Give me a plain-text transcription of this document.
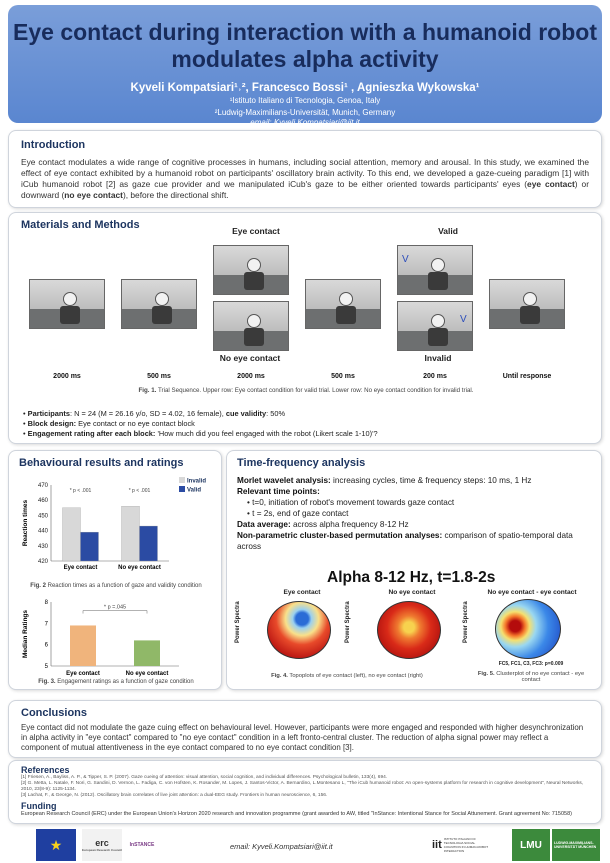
Eye contact during interaction with a humanoid robot
modulates alpha activity
Kyveli Kompatsiari¹˒², Francesco Bossi¹ , Agnieszka Wykowska¹
¹Istituto Italiano di Tecnologia, Genoa, Italy
²Ludwig-Maximilians-Universität, Munich, Germany
email: Kyveli.Kompatsiari@iit.it
Introduction
Eye contact modulates a wide range of cognitive processes in humans, including social attention, memory and arousal. In this study, we examined the effect of eye contact exhibited by a humanoid robot on participants' oscillatory brain activity. To this end, we developed a gaze-cueing paradigm [1] with iCub humanoid robot [2] as gaze cue provider and we manipulated iCub's gaze to be either oriented towards participants' eyes (eye contact) or downward (no eye contact), before the directional shift.
Materials and Methods	Eye contact	Valid
V
V
No eye contact	Invalid
2000 ms	500 ms	2000 ms	500 ms	200 ms	Until response
Fig. 1. Trial Sequence. Upper row: Eye contact condition for valid trial. Lower row: No eye contact condition for invalid trial.
• Participants: N = 24 (M = 26.16 y/o, SD = 4.02, 16 female), cue validity: 50%
• Block design: Eye contact or no eye contact block
• Engagement rating after each block: 'How much did you feel engaged with the robot (Likert scale 1-10)'?
Behavioural results and ratings
420
430
440
450
460
470
Reaction times
Eye contact
* p < .001
No eye contact
* p < .001
Invalid
Valid
Fig. 2 Reaction times as a function of gaze and validity condition
5
6
7
8
Median Ratings
Eye contact	No eye contact
* p =.045
Fig. 3. Engagement ratings as a function of gaze condition
Time-frequency analysis
Morlet wavelet analysis: increasing cycles, time & frequency steps: 10 ms, 1 Hz
Relevant time points:
• t=0, initiation of robot's movement towards gaze contact
• t = 2s, end of gaze contact
Data average: across alpha frequency 8-12 Hz
Non-parametric cluster-based permutation analyses: comparison of spatio-temporal data across
Alpha 8-12 Hz, t=1.8-2s
Eye contact	No eye contact	No eye contact - eye contact
Power Spectra	Power Spectra	Power Spectra
FC5, FC1, C3, FC3: p=0.009
Fig. 4. Topoplots of eye contact (left), no eye contact (right)	Fig. 5. Clusterplot of no eye contact - eye contact
Conclusions
Eye contact did not modulate the gaze cuing effect on behavioural level. However, participants were more engaged and responded with higher desynchronization in alpha activity in "eye contact" compared to "no eye contact" condition in a left fronto-central cluster. The reduction of alpha signal power may reflect a component of mutual attentiveness in the eye contact compared to no eye contact condition [3].
References
[1] Friesen, A., Bayliss, A. P., & Tipper, S. P. (2007). Gaze cueing of attention: visual attention, social cognition, and individual differences. Psychological bulletin, 133(4), 694.
[2] G. Metta, L. Natale, F. Nori, G. Sandini, D. Vernon, L. Fadiga, C. von Hofsten, K. Rosander, M. Lopes, J. Santos-Victor, A. Bernardino, L.Montesano L, "The iCub humanoid robot: An open-systems platform for research in cognitive development", Neural Networks, 2010, 23(8-9): 1125-1134.
[3] Lachat, F., & George, N. (2012). Oscillatory brain correlates of live joint attention: a dual-EEG study. Frontiers in human neuroscience, 6, 156.
Funding
European Research Council (ERC) under the European Union's Horizon 2020 research and innovation programme (grant awarded to AW, titled "InStance: Intentional Stance for Social Attunement. Grant agreement No: 715058)
★	erc
European Research Council
InSTANCE	email: Kyveli.Kompatsiari@iit.it	iit ISTITUTO ITALIANO DI TECNOLOGIA SOCIAL COGNITION IN HUMAN-ROBOT INTERACTION
LMU	LUDWIG-MAXIMILIANS-UNIVERSITÄT MÜNCHEN
